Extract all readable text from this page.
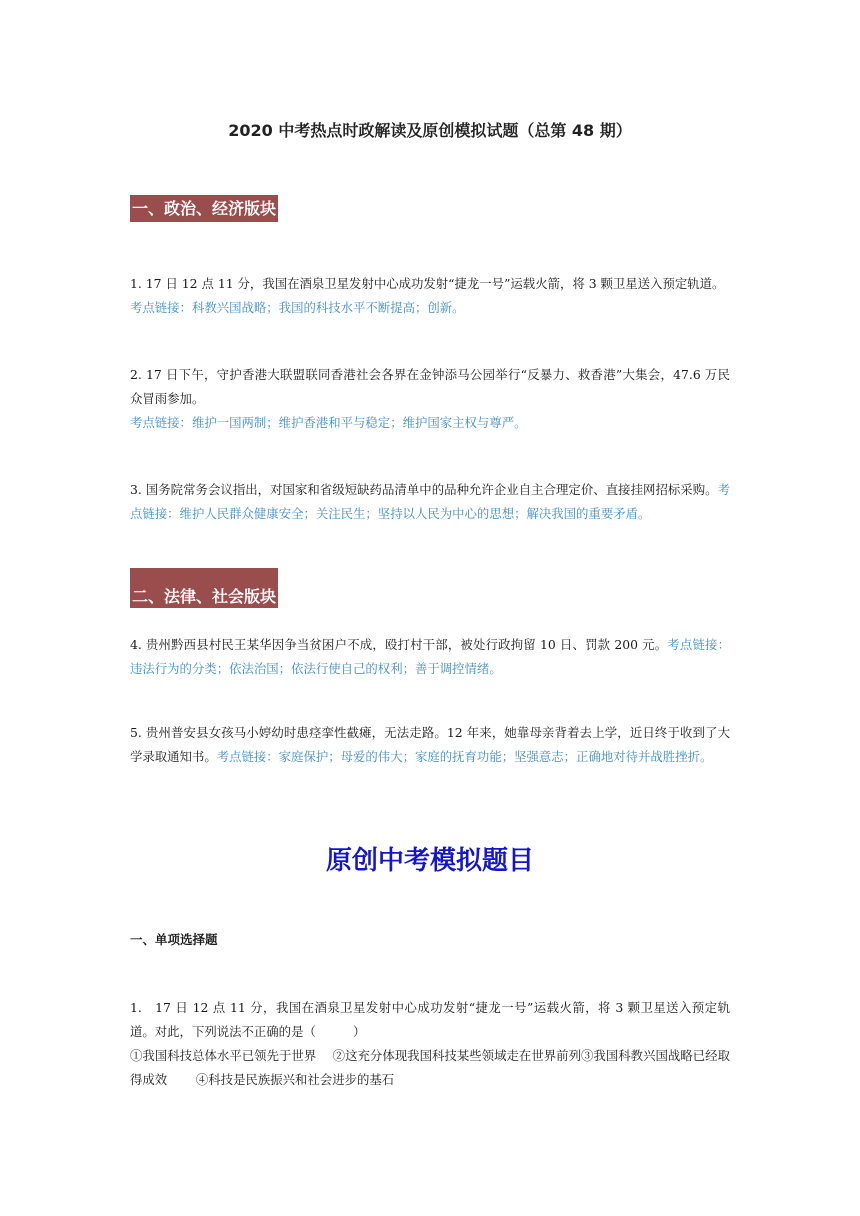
2020 中考热点时政解读及原创模拟试题（总第 48 期）
一、政治、经济版块
1. 17 日 12 点 11 分，我国在酒泉卫星发射中心成功发射“捷龙一号”运载火箭，将 3 颗卫星送入预定轨道。
考点链接：科教兴国战略；我国的科技水平不断提高；创新。
2. 17 日下午，守护香港大联盟联同香港社会各界在金钟添马公园举行“反暴力、救香港”大集会，47.6 万民众冒雨参加。
考点链接：维护一国两制；维护香港和平与稳定；维护国家主权与尊严。
3. 国务院常务会议指出，对国家和省级短缺药品清单中的品种允许企业自主合理定价、直接挂网招标采购。考点链接：维护人民群众健康安全；关注民生；坚持以人民为中心的思想；解决我国的重要矛盾。
二、法律、社会版块
4. 贵州黔西县村民王某华因争当贫困户不成，殴打村干部，被处行政拘留 10 日、罚款 200 元。考点链接：违法行为的分类；依法治国；依法行使自己的权利；善于调控情绪。
5. 贵州普安县女孩马小婷幼时患痉挛性截瘫，无法走路。12 年来，她靠母亲背着去上学，近日终于收到了大学录取通知书。考点链接：家庭保护；母爱的伟大；家庭的抚育功能；坚强意志；正确地对待并战胜挫折。
原创中考模拟题目
一、单项选择题
1.　17 日 12 点 11 分，我国在酒泉卫星发射中心成功发射“捷龙一号”运载火箭，将 3 颗卫星送入预定轨道。对此，下列说法不正确的是（　　　）
①我国科技总体水平已领先于世界　 ②这充分体现我国科技某些领域走在世界前列③我国科教兴国战略已经取得成效　　 ④科技是民族振兴和社会进步的基石
